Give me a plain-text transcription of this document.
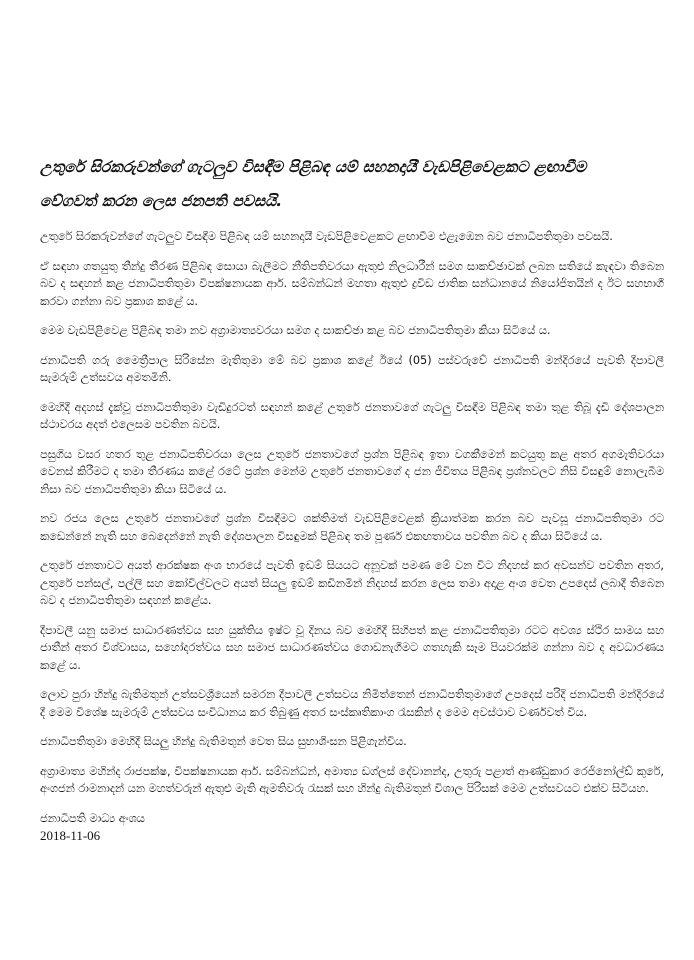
උතුරේ සිරකරුවන්ගේ ගැටලුව විසඳීම පිළිබඳ යම් සහනදායී වැඩපිළිවෙළකට ළඟාවීම වේගවත් කරන ලෙස ජනපති පවසයි.

උතුරේ සිරකරුවන්ගේ ගැටලුව විසඳීම පිළිබඳ යම් සහනදායී වැඩපිළිවෙළකට ළඟාවීම එළැඹෙන බව ජනාධිපතිතුමා පවසයි.

ඒ සඳහා ගතයුතු තීන්දු තීරණ පිළිබඳ සොයා බැලීමට නීතිපතිවරයා ඇතුළු නිලධාරීන් සමග සාකච්ඡාවක් ලබන සතියේ කැඳවා තිබෙන බව ද සඳහන් කළ ජනාධිපතිතුමා විපක්ෂනායක ආර්. සම්බන්ධන් මහතා ඇතුළු ද්‍රවිඩ ජාතික සන්ධානයේ නියෝජිතයින් ද ඊට සහභාගී කරවා ගන්නා බව ප්‍රකාශ කළේ ය.

මෙම වැඩපිළිවෙළ පිළිබඳ තමා නව අග්‍රාමාත්‍යවරයා සමග ද සාකච්ඡා කළ බව ජනාධිපතිතුමා කියා සිටියේ ය.

ජනාධිපති ගරු මෛත්‍රීපාල සිරිසේන මැතිතුමා මේ බව ප්‍රකාශ කළේ ඊයේ (05) පස්වරුවේ ජනාධිපති මන්දිරයේ පැවති දීපාවලී සැමරුම් උත්සවය අමතමිනි.

මෙහිදී අදහස් දැක්වූ ජනාධිපතිතුමා වැඩිදුරටත් සඳහන් කළේ උතුරේ ජනතාවගේ ගැටලු විසඳීම පිළිබඳ තමා තුළ තිබූ දැඩි දේශපාලන ස්ථාවරය අදත් එලෙසම පවතින බවයි.

පසුගිය වසර හතර තුළ ජනාධිපතිවරයා ලෙස උතුරේ ජනතාවගේ ප්‍රශ්න පිළිබඳ ඉතා වගකීමෙන් කටයුතු කළ අතර අගමැතිවරයා වෙනස් කිරීමට ද තමා තීරණය කළේ රටේ ප්‍රශ්න මෙන්ම උතුරේ ජනතාවගේ ද ජන ජීවිතය පිළිබඳ ප්‍රශ්නවලට නිසි විසඳුම් නොලැබීම නිසා බව ජනාධිපතිතුමා කියා සිටියේ ය.

නව රජය ලෙස උතුරේ ජනතාවගේ ප්‍රශ්න විසඳීමට ශක්තිමත් වැඩපිළිවෙළක් ක්‍රියාත්මක කරන බව පැවසූ ජනාධිපතිතුමා රට කඩෙන්නේ නැති සහ බෙදෙන්නේ නැති දේශපාලන විසඳුමක් පිළිබඳ තම පූර්ණ එකඟතාවය පවතින බව ද කියා සිටියේ ය.

උතුරේ ජනතාවට අයත් ආරක්ෂක අංශ භාරයේ පැවති ඉඩම් සියයට අනූවක් පමණ මේ වන විට නිදහස් කර අවසන්ව පවතින අතර, උතුරේ පන්සල්, පල්ලි සහ කෝවිල්වලට අයත් සියලු ඉඩම් කඩිනමින් නිදහස් කරන ලෙස තමා අදාළ අංශ වෙත උපදෙස් ලබාදී තිබෙන බව ද ජනාධිපතිතුමා සඳහන් කළේය.

දීපාවලී යනු සමාජ සාධාරණත්වය සහ යුක්තිය ඉෂ්ට වූ දිනය බව මෙහිදී සිහිපත් කළ ජනාධිපතිතුමා රටට අවශ්‍ය ස්ථිර සාමය සහ ජාතීන් අතර විශ්වාසය, සහෝදරත්වය සහ සමාජ සාධාරණත්වය ගොඩනැගීමට ගතහැකි සෑම පියවරක්ම ගන්නා බව ද අවධාරණය කළේ ය.

ලොව පුරා හින්දු බැතිමතුන් උත්සවශ්‍රීයෙන් සමරන දීපාවලී උත්සවය නිමිත්තෙන් ජනාධිපතිතුමාගේ උපදෙස් පරිදි ජනාධිපති මන්දිරයේ දී මෙම විශේෂ සැමරුම් උත්සවය සංවිධානය කර තිබුණු අතර සංස්කෘතිකාංග රැසකින් ද මෙම අවස්ථාව වර්ණවත් විය.

ජනාධිපතිතුමා මෙහිදී සියලු හින්දු බැතිමතුන් වෙත සිය සුභාශිංසන පිළිගැන්විය.

අග්‍රාමාත්‍ය මහින්ද රාජපක්ෂ, විපක්ෂනායක ආර්. සම්බන්ධන්, අමාත්‍ය ඩග්ලස් දේවානන්ද, උතුරු පළාත් ආණ්ඩුකාර රෙජිනෝල්ඩ් කුරේ, අංගජන් රාමනාදන් යන මහත්වරුන් ඇතුළු මැති ඇමතිවරු රැසක් සහ හින්දු බැතිමතුන් විශාල පිරිසක් මෙම උත්සවයට එක්ව සිටියහ.

ජනාධිපති මාධ්‍ය අංශය

2018-11-06
